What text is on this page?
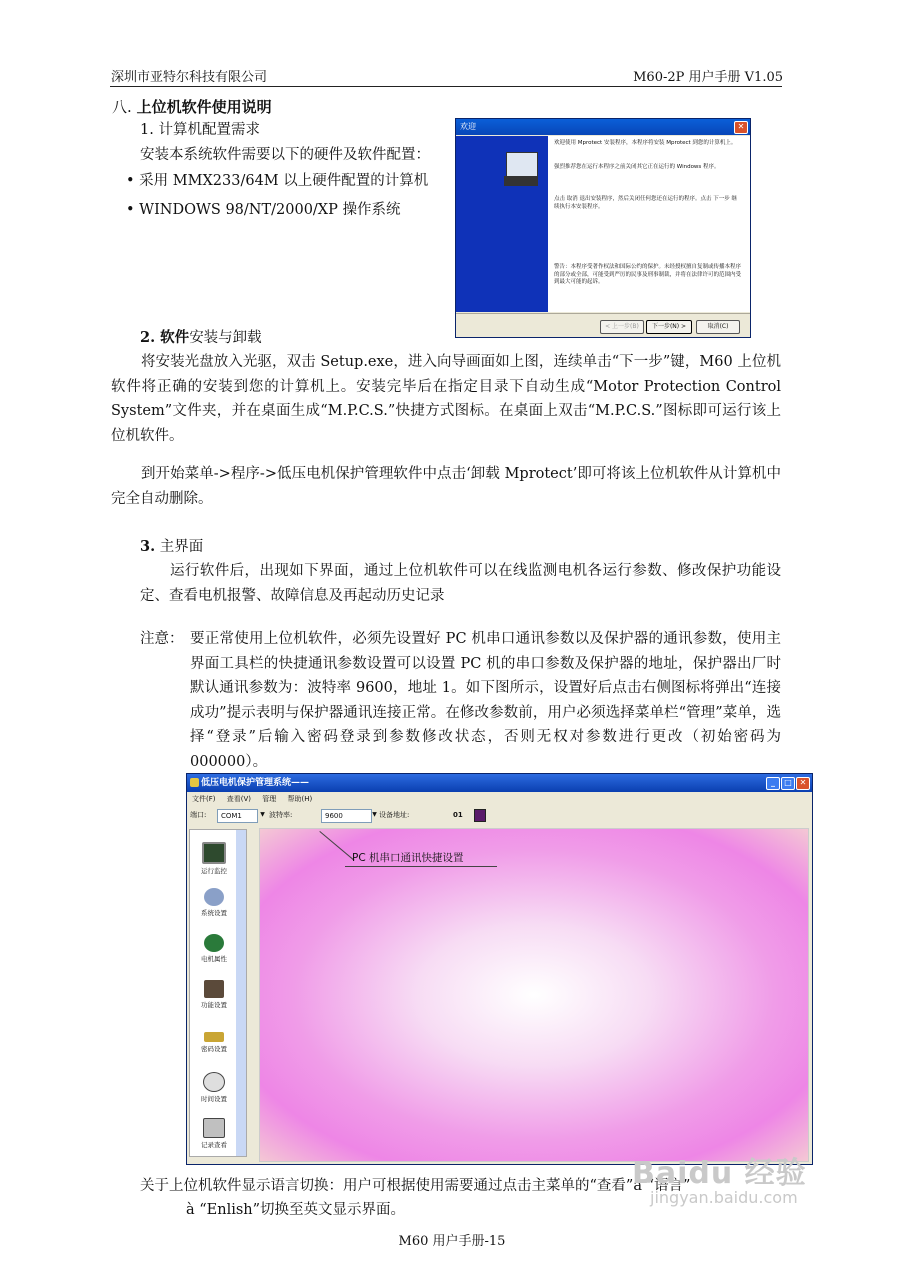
深圳市亚特尔科技有限公司	M60-2P 用户手册 V1.05
八. 上位机软件使用说明
1. 计算机配置需求
安装本系统软件需要以下的硬件及软件配置：
• 采用 MMX233/64M 以上硬件配置的计算机
• WINDOWS 98/NT/2000/XP 操作系统
欢迎	✕
欢迎使用 Mprotect 安装程序，本程序将安装 Mprotect 到您的计算机上。
强烈推荐您在运行本程序之前关闭其它正在运行的 Windows 程序。
点击 取消 退出安装程序，然后关闭任何您还在运行的程序。点击 下一步 继续执行本安装程序。
警告：本程序受著作权法和国际公约的保护。未经授权擅自复制或传播本程序的部分或全部，可能受到严厉的民事及刑事制裁，并将在法律许可的范围内受到最大可能的起诉。
< 上一步(B)	下一步(N) >	取消(C)
2. 软件安装与卸载
将安装光盘放入光驱，双击 Setup.exe，进入向导画面如上图，连续单击“下一步”键，M60 上位机软件将正确的安装到您的计算机上。安装完毕后在指定目录下自动生成“Motor Protection Control System”文件夹，并在桌面生成“M.P.C.S.”快捷方式图标。在桌面上双击“M.P.C.S.”图标即可运行该上位机软件。
到开始菜单->程序->低压电机保护管理软件中点击‘卸载 Mprotect’即可将该上位机软件从计算机中完全自动删除。
3. 主界面
运行软件后，出现如下界面，通过上位机软件可以在线监测电机各运行参数、修改保护功能设定、查看电机报警、故障信息及再起动历史记录
注意： 要正常使用上位机软件，必须先设置好 PC 机串口通讯参数以及保护器的通讯参数，使用主界面工具栏的快捷通讯参数设置可以设置 PC 机的串口参数及保护器的地址，保护器出厂时默认通讯参数为：波特率 9600，地址 1。如下图所示，设置好后点击右侧图标将弹出“连接成功”提示表明与保护器通讯连接正常。在修改参数前，用户必须选择菜单栏“管理”菜单，选择“登录”后输入密码登录到参数修改状态，否则无权对参数进行更改（初始密码为 000000）。
低压电机保护管理系统——	_	□ ✕
文件(F) 查看(V) 管理 帮助(H)
端口:	COM1	▼ 波特率:	9600	▼ 设备地址:	01
运行监控
系统设置
电机属性
功能设置
密码设置
时间设置
记录查看
PC 机串口通讯快捷设置
关于上位机软件显示语言切换：用户可根据使用需要通过点击主菜单的“查看”à “语言”
à “Enlish”切换至英文显示界面。
M60 用户手册-15
Baidu 经验
jingyan.baidu.com
